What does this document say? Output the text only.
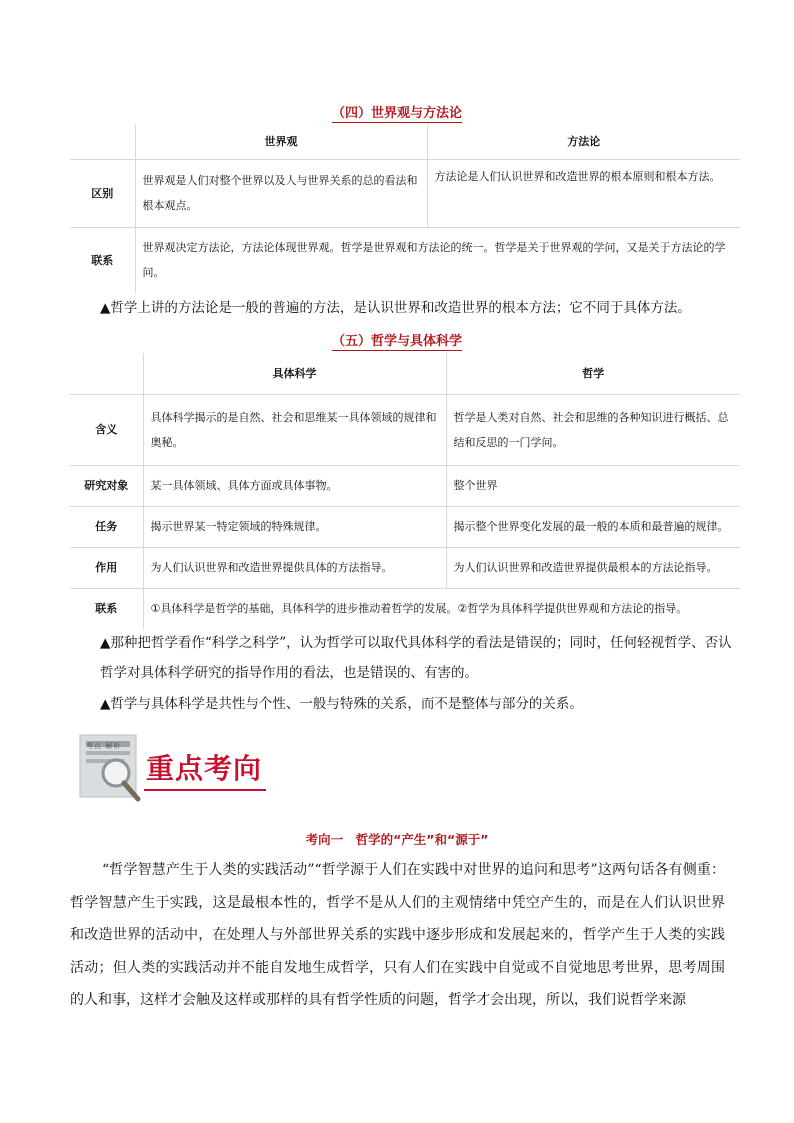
（四）世界观与方法论
	世界观	方法论
区别	世界观是人们对整个世界以及人与世界关系的总的看法和根本观点。	方法论是人们认识世界和改造世界的根本原则和根本方法。
联系	世界观决定方法论，方法论体现世界观。哲学是世界观和方法论的统一。哲学是关于世界观的学问，又是关于方法论的学问。	
▲哲学上讲的方法论是一般的普遍的方法，是认识世界和改造世界的根本方法；它不同于具体方法。
（五）哲学与具体科学
	具体科学	哲学
含义	具体科学揭示的是自然、社会和思维某一具体领域的规律和奥秘。	哲学是人类对自然、社会和思维的各种知识进行概括、总结和反思的一门学问。
研究对象	某一具体领域、具体方面或具体事物。	整个世界
任务	揭示世界某一特定领域的特殊规律。	揭示整个世界变化发展的最一般的本质和最普遍的规律。
作用	为人们认识世界和改造世界提供具体的方法指导。	为人们认识世界和改造世界提供最根本的方法论指导。
联系	①具体科学是哲学的基础，具体科学的进步推动着哲学的发展。②哲学为具体科学提供世界观和方法论的指导。	
▲那种把哲学看作“科学之科学”，认为哲学可以取代具体科学的看法是错误的；同时，任何轻视哲学、否认哲学对具体科学研究的指导作用的看法，也是错误的、有害的。
▲哲学与具体科学是共性与个性、一般与特殊的关系，而不是整体与部分的关系。
考点 解析
重点考向
考向一　哲学的“产生”和“源于”
“哲学智慧产生于人类的实践活动”“哲学源于人们在实践中对世界的追问和思考”这两句话各有侧重：哲学智慧产生于实践，这是最根本性的，哲学不是从人们的主观情绪中凭空产生的，而是在人们认识世界和改造世界的活动中，在处理人与外部世界关系的实践中逐步形成和发展起来的，哲学产生于人类的实践活动；但人类的实践活动并不能自发地生成哲学，只有人们在实践中自觉或不自觉地思考世界，思考周围的人和事，这样才会触及这样或那样的具有哲学性质的问题，哲学才会出现，所以，我们说哲学来源
